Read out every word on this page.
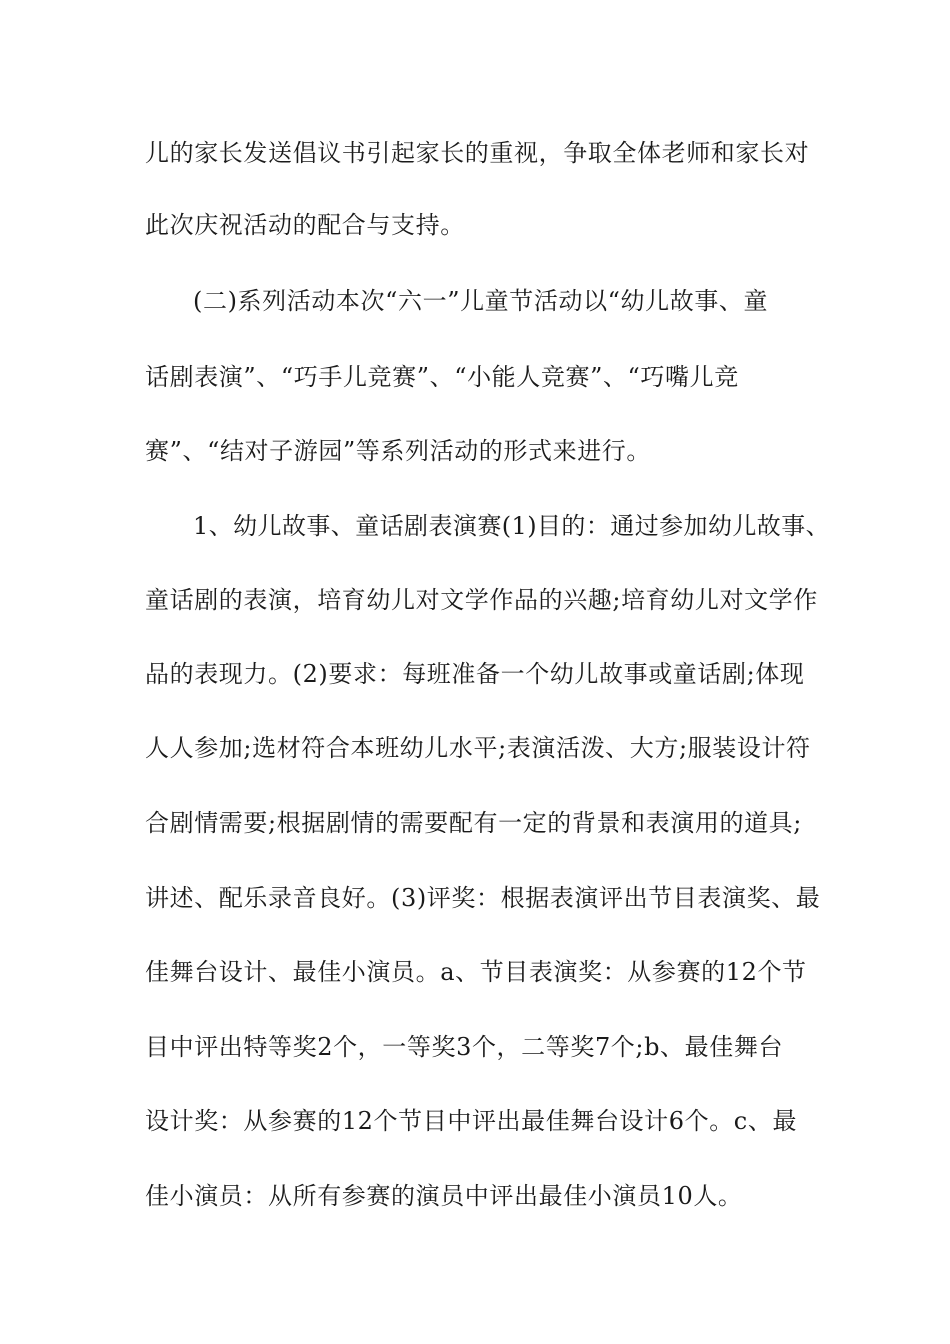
儿的家长发送倡议书引起家长的重视，争取全体老师和家长对
此次庆祝活动的配合与支持。
(二)系列活动本次“六一”儿童节活动以“幼儿故事、童
话剧表演”、“巧手儿竞赛”、“小能人竞赛”、“巧嘴儿竞
赛”、“结对子游园”等系列活动的形式来进行。
1、幼儿故事、童话剧表演赛(1)目的：通过参加幼儿故事、
童话剧的表演，培育幼儿对文学作品的兴趣;培育幼儿对文学作
品的表现力。(2)要求：每班准备一个幼儿故事或童话剧;体现
人人参加;选材符合本班幼儿水平;表演活泼、大方;服装设计符
合剧情需要;根据剧情的需要配有一定的背景和表演用的道具;
讲述、配乐录音良好。(3)评奖：根据表演评出节目表演奖、最
佳舞台设计、最佳小演员。a、节目表演奖：从参赛的12个节
目中评出特等奖2个，一等奖3个，二等奖7个;b、最佳舞台
设计奖：从参赛的12个节目中评出最佳舞台设计6个。c、最
佳小演员：从所有参赛的演员中评出最佳小演员10人。
